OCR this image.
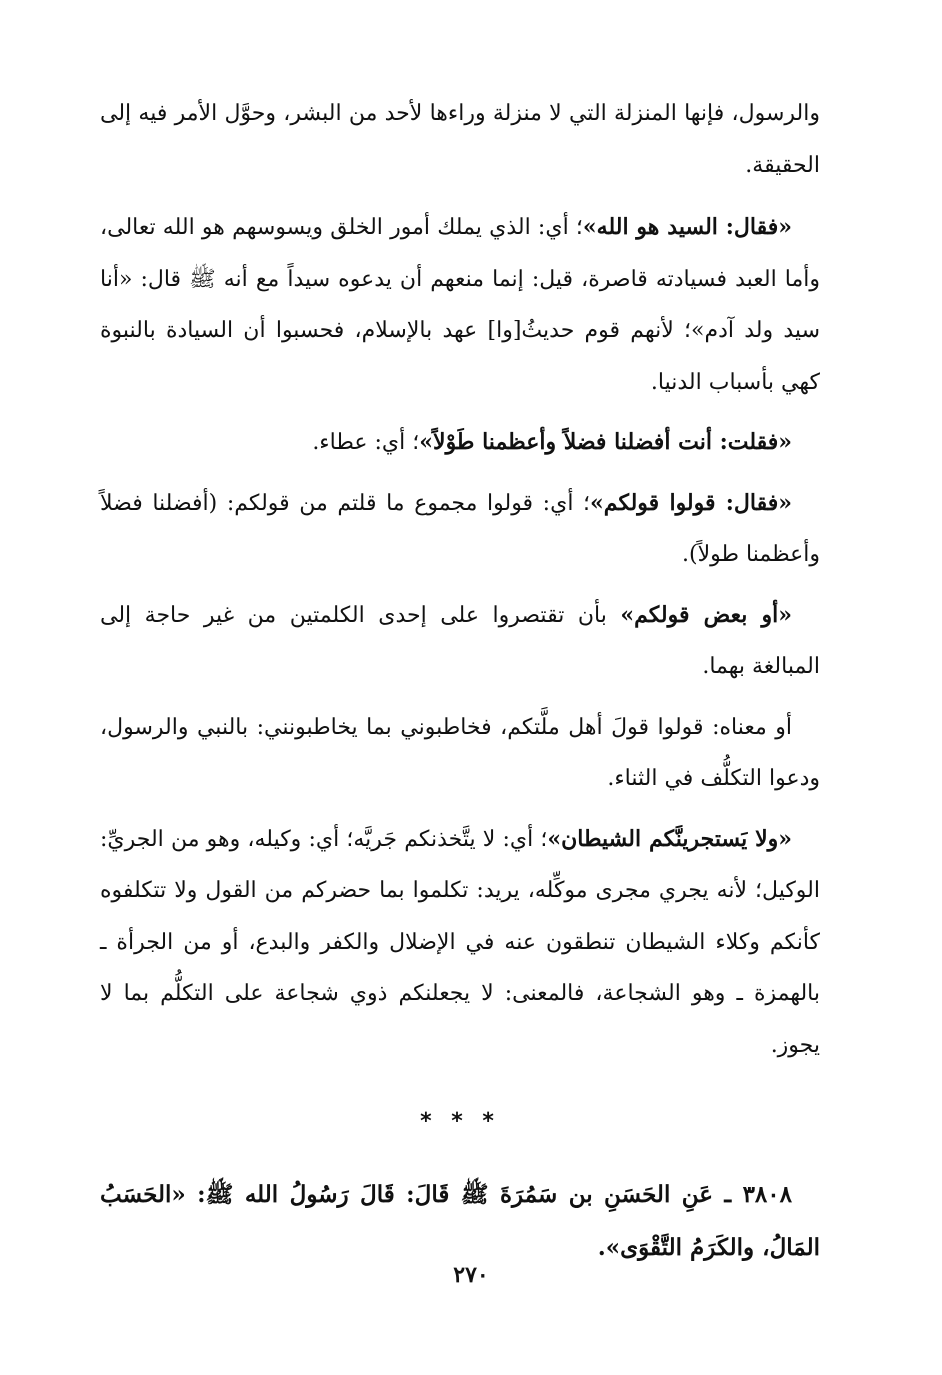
والرسول، فإنها المنزلة التي لا منزلة وراءها لأحد من البشر، وحوَّل الأمر فيه إلى الحقيقة.

«فقال: السيد هو الله»؛ أي: الذي يملك أمور الخلق ويسوسهم هو الله تعالى، وأما العبد فسيادته قاصرة، قيل: إنما منعهم أن يدعوه سيداً مع أنه ﷺ قال: «أنا سيد ولد آدم»؛ لأنهم قوم حديثُ[وا] عهد بالإسلام، فحسبوا أن السيادة بالنبوة كهي بأسباب الدنيا.

«فقلت: أنت أفضلنا فضلاً وأعظمنا طَوْلاً»؛ أي: عطاء.

«فقال: قولوا قولكم»؛ أي: قولوا مجموع ما قلتم من قولكم: (أفضلنا فضلاً وأعظمنا طولاً).

«أو بعض قولكم» بأن تقتصروا على إحدى الكلمتين من غير حاجة إلى المبالغة بهما.

أو معناه: قولوا قولَ أهل ملَّتكم، فخاطبوني بما يخاطبونني: بالنبي والرسول، ودعوا التكلُّف في الثناء.

«ولا يَستجرينَّكم الشيطان»؛ أي: لا يتَّخذنكم جَريَّه؛ أي: وكيله، وهو من الجريِّ: الوكيل؛ لأنه يجري مجرى موكِّله، يريد: تكلموا بما حضركم من القول ولا تتكلفوه كأنكم وكلاء الشيطان تنطقون عنه في الإضلال والكفر والبدع، أو من الجرأة ـ بالهمزة ـ وهو الشجاعة، فالمعنى: لا يجعلنكم ذوي شجاعة على التكلُّم بما لا يجوز.

* * *

٣٨٠٨ ـ عَنِ الحَسَنِ بن سَمُرَةَ ﷺ قَالَ: قَالَ رَسُولُ الله ﷺ: «الحَسَبُ المَالُ، والكَرَمُ التَّقْوَى».

٢٧٠
